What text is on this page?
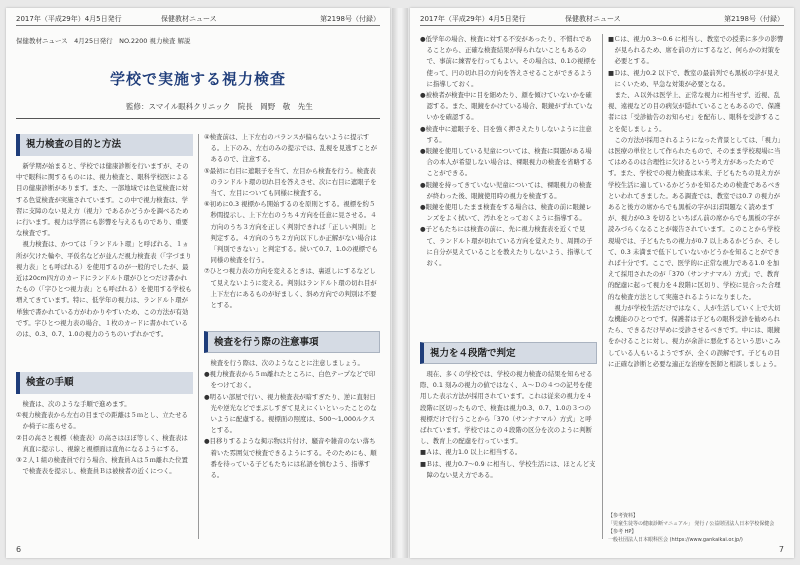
2017年（平成29年）4月5日発行	保健教材ニュース	第2198号（付録）
保健教材ニュース　4月25日発行　NO.2200 視力検査 解説
学校で実施する視力検査
監修：スマイル眼科クリニック　院長　岡野　敬　先生
視力検査の目的と方法

新学期が始まると、学校では健康診断を行いますが、その中で眼科に関するものには、視力検査と、眼科学校医による目の健康診断があります。また、一部地域では色覚検査に対する色覚検査が実施されています。この中で視力検査は、学習に支障のない見え方（視力）であるかどうかを調べるために行います。視力は学習にも影響を与えるものであり、重要な検査です。

視力検査は、かつては「ランドルト環」と呼ばれる、１ヵ所が欠けた輪や、平仮名などが並んだ視力検査表（「字づまり視力表」とも呼ばれる）を使用するのが一般的でしたが、最近は20cm四方のカードにランドルト環がひとつだけ書かれたもの（「字ひとつ視力表」とも呼ばれる）を使用する学校も増えてきています。特に、低学年の視力は、ランドルト環が単独で書かれている方がわかりやすいため、この方法が有効です。字ひとつ視力表の場合、１枚のカードに書かれているのは、0.3、0.7、1.0の視力のうちのいずれかです。

検査の手順

検査は、次のような手順で進めます。

①視力検査表から左右の目までの距離は５ｍとし、立たせるか椅子に座らせる。

②目の高さと視標（検査表）の高さはほぼ等しく、検査表は真直に提示し、視線と視標面は直角になるようにする。

③２人１組の検査員で行う場合、検査員Ａは５ｍ離れた位置で検査表を提示し、検査員Ｂは被検者の近くにつく。

④検査前は、上下左右のバランスが偏らないように提示する。上下のみ、左右のみの提示では、乱視を見逃すことがあるので、注意する。

⑤最初に右目に遮眼子を当て、左目から検査を行う。検査表のランドルト環の切れ目を答えさせ、次に右目に遮眼子を当て、左目についても同様に検査する。

⑥初めに0.3 視標から開始するのを原則とする。視標を約５秒間提示し、上下左右のうち４方向を任意に見させる。４方向のうち３方向を正しく判別できれば「正しい判別」と判定する。４方向のうち２方向以下しか正解がない場合は「判別できない」と判定する。続いて0.7、1.0の視標でも同様の検査を行う。

⑦ひとつ視力表の方向を変えるときは、裏返しにするなどして見えないように変える。判別はランドルト環の切れ目が上下左右にあるものが好ましく、斜め方向での判別は不要とする。

検査を行う際の注意事項

検査を行う際は、次のようなことに注意しましょう。

●視力検査表から５ｍ離れたところに、白色テープなどで印をつけておく。

●明るい部屋で行い、視力検査表が暗すぎたり、逆に直射日光や逆光などでまぶしすぎて見えにくいといったことのないように配慮する。視標面の照度は、500～1,000ルクスとする。

●目移りするような掲示物は片付け、騒音や雑音のない落ち着いた雰囲気で検査できるようにする。そのためにも、順番を待っている子どもたちには私語を慎むよう、指導する。

6
2017年（平成29年）4月5日発行	保健教材ニュース	第2198号（付録）

●低学年の場合、検査に対する不安があったり、不慣れであることから、正確な検査結果が得られないこともあるので、事前に練習を行ってもよい。その場合は、0.1の視標を使って、円の切れ目の方向を答えさせることができるように指導しておく。

●被検者が検査中に目を細めたり、顔を傾けていないかを確認する。また、眼鏡をかけている場合、眼鏡がずれていないかを確認する。

●検査中に遮眼子を、目を強く押さえたりしないように注意する。

●眼鏡を使用している児童については、検査に問題がある場合の本人が希望しない場合は、裸眼視力の検査を省略することができる。

●眼鏡を持ってきていない児童については、裸眼視力の検査が終わった後、眼鏡使用時の視力を検査する。

●眼鏡を使用したまま検査をする場合は、検査の前に眼鏡レンズをよく拭いて、汚れをとっておくように指導する。

●子どもたちには検査の前に、先に視力検査表を近くで見て、ランドルト環が切れている方向を覚えたり、周囲の子に自分が見えていることを教えたりしないよう、指導しておく。

視力を４段階で判定

現在、多くの学校では、学校の視力検査の結果を知らせる際、0.1 刻みの視力の値ではなく、Ａ～Ｄの４つの記号を使用した表示方法が採用されています。これは従来の視力を４段階に区切ったもので、検査は視力0.3、0.7、1.0の３つの視標だけで行うことから「370（サンナナマル）方式」と呼ばれています。学校ではこの４段階の区分を次のように判断し、教育上の配慮を行っています。

■Ａは、視力1.0 以上に相当する。

■Ｂは、視力0.7～0.9 に相当し、学校生活には、ほとんど支障のない見え方である。

■Ｃは、視力0.3～0.6 に相当し、教室での授業に多少の影響が見られるため、席を前の方にするなど、何らかの対策を必要とする。

■Ｄは、視力0.2 以下で、教室の最前列でも黒板の字が見えにくいため、早急な対策が必要となる。

また、Ａ以外は医学上、正常な視力に相当せず、近視、乱視、遠視などの目の病気が隠れていることもあるので、保護者には「受診勧告のお知らせ」を配布し、眼科を受診することを促しましょう。

この方法が採用されるようになった背景としては、「視力」は医療の単位として作られたもので、そのまま学校現場に当てはめるのは合理性に欠けるという考え方があったためです。また、学校での視力検査は本来、子どもたちの見え方が学校生活に適しているかどうかを知るための検査であるべきといわれてきました。ある調査では、教室では0.7 の視力があると後方の席からでも黒板の字がほぼ問題なく読めますが、視力が0.3 を切るといちばん前の席からでも黒板の字が読みづらくなることが報告されています。このことから学校現場では、子どもたちの視力が0.7 以上あるかどうか、そして、0.3 未満まで低下していないかどうかを知ることができれば十分です。ここで、医学的に正常な視力である1.0 を加えて採用されたのが「370（サンナナマル）方式」で、教育的配慮に起って視力を４段階に区切り、学校に見合った合理的な検査方法として実施されるようになりました。

視力が学校生活だけではなく、人が生活していく上で大切な機能のひとつです。保護者は子どもの眼科受診を勧められたら、できるだけ早めに受診させるべきです。中には、眼鏡をかけることに対し、視力が余計に悪化するという思いこみしている人もいるようですが、全くの誤解です。子どもの目に正確な診断と必要な適正な治療を医師と相談しましょう。

【参考資料】
「児童生徒等の健康診断マニュアル」 発行 / 公益財団法人日本学校保健会
【参考 HP】
一般社団法人日本眼科医会 (https://www.gankaikai.or.jp/)
7
